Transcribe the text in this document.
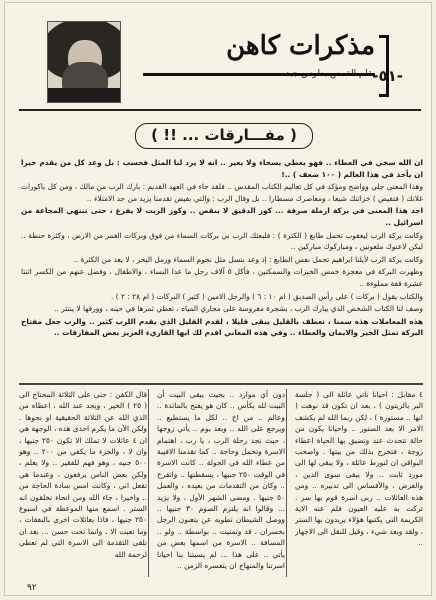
مذكرات كاهن
-٥١-
( مفـــارقات ... !! )

ان الله سخي في العطاء .. فهو يعطي بسخاء ولا يعير .. انه لا يرد لنا المثل فحسب : بل وعد كل من يقدم خيرا ان يأخذ في هذا العالم ( ١٠٠ ضعف ) ..!

وهذا المعنى جلي وواضح ومؤكد في كل تعاليم الكتاب المقدس .. فلقد جاء في العهد القديم : بارك الرب من مالك ، ومن كل باكورات غلاتك ( فتفيض ) خزائنك شبعا ، ومعاصرك مسطارا .. بل وقال الرب : والتي بفيض تقدمنا يزيد من حد الامتلاء ..

اجد هذا المعنى في بركة ارملة صرفة ... كوز الدقيق لا ينقص .. وكوز الزيت لا يفرغ ، حتى تنتهي المجاعة من اسرائيل ..

وكانت بركة الرب ليعقوب تحمل طابع ( الكثرة ) : فلبعثك الرب بي بركات السماء من فوق وبركات الغمر من الارض ، وكثرة حنطة .. ليكن لاعنوك ملعونين ، ومباركوك مباركين ..

وكانت بركة الرب لأيلنا ابراهيم تحمل نفس الطابع : إذ وعد بنسل مثل نجوم السماء ورمل البحر ، لا يعد من الكثرة ..

وظهرت البركة في معجزة خمس الخبزات والسمكتين ، فأكل ٥ آلاف رجل ما عدا النساء ، والاطفال ، وفضل عنهم من الكسر اثنتا عشرة قفة مملوءة ..

والكتاب يقول ( بركات ) على رأس الصديق ( ام ١٠ : ٦ ) والرجل الامين ( كثير ) البركات ( ام ٢٨ : ٢ ) .

وصف لنا الكتاب الشخص الذي يبارك الرب ، بشجرة مغروسة على مجاري المياه ، تعطي ثمرها في حينه ، وورقها لا ينتثر ..

هذه المعاملات هذه سمنا ، تعطف بالقليل يبقى قليلا ، لقدم القليل الذي يقدم اللرب كثير .. والرب جعل مفتاح البركة تمثل الخير والايمان والعطاء .. وفي هذه المعاني اقدم لك ايها القاريء العزيز بعض المفارقات ..

٤ مقابل : احيانا تاتي عائلة الى ( جلسة البر بالزيتون ) ، بعد ان تكون قد نوهت ( انها .. مستورة ) ، لكن ربما الله لم يكشف الامر الا بعد الستور .. واحيانا يكون من حالة تتحدث عند وتضيق بها الحياة اعطاء زوجة ، فتخرج بذلك من بيتها . واصحب البواقي ان لتورط عائلة ، ولا يبقى لها الى مورد ثابت .. ولا يبقى سوى الدين ، والعرض ، والأقساس الى تدبيره .. ومن هذه العائلات .. ربى اسرة قوم بها سر . تركت به عليه العيون فلم عنه الاية الكريمة التي يكتبها هؤلاء يريدون بها الستر ، ولقد وبعد شيء ، وقيل للنقل الى الاجهار ..
دون أي موارد .. بحيث يبقى البيت أن البيت لله بكأس .. كان هو يفتح بالمائدة .. وعالم .. من اخ .. لكل ما يستطيع .. ويرجع على الله .. وبعد يوم .. يأتي زوجها ، حيث نجد رحلة الرب ، يا رب ، اهتمام الاسرة وتحمل وحاجة .. كما تقدمنا الافيبة من عطاء الله في الجولة .. كانت الاسرة في الوقت ٢٥٠ جنيها ، يسقطتها .. واتفرح .. وكان من التقدمات من بعيده ، والعمل ٥٠ جنيها . ومضى الشهر الأول ، ولا يزيد ... وقالوا انه يلتزم الصوم ٣٠ جنيها .. ووصل الشيطان تطويه عن يتعنون الرجل بخسران ، قد وتمنيت .. بواسطة .. ولو .. المسافة .. الاسرة من اسمها بعض من يأتي .. على هذا ... لم يسبتنا بنا احيانا اسرتنا والمنهاج ان يتعسره الزمن ..
قال الكفن : حتى على الثلاثة المحتاج الى ( ٢٥ ) الخير ، ويجد عند الله ، اعطاه من الذي الله عن الثلاثة الحقيقية او نحوها . ولكن الآن ما يكرم احدى هذه ، الوجهة هي ان ٤ عائلات لا تملك الا تكون ٢٥٠ جنيها ، وان لا ، والجزء ما يكفي من ٢٠٠ .. وهو ٥٠٠ جنيه ، وهو فهم للفقير .. ولا يعلم ، ولكن بعض الناس يرفعون ، وعندما هي تفعل اني ، وكانت امس سادة الحاجة من .. واخيرا ، جاء الله ومن انحاء نخلقون انه الستر . اسمع منها الموعظة في اسبوع ٢٥٠ جنيها ، فاذا بعائلات اخرى بالنفقات ، وما تعبت الا ، وانما تحت حسن ... بعد ان نلقى التقدمة الى الاسرة التي لم تعطي لرحمة الله
٩٢
